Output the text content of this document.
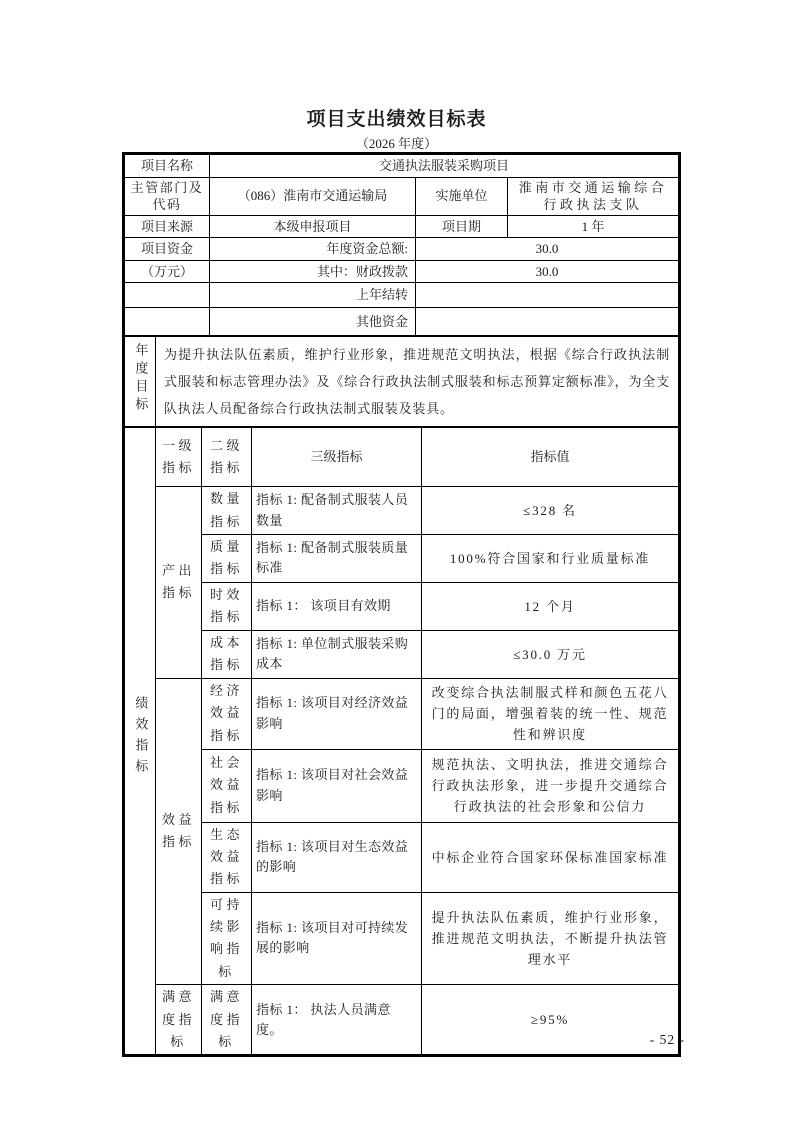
项目支出绩效目标表
（2026 年度）
项目名称	交通执法服装采购项目		
主管部门及代码	（086）淮南市交通运输局	实施单位	淮南市交通运输综合行政执法支队
项目来源	本级申报项目	项目期	1 年
项目资金	年度资金总额:	30.0	
（万元）	其中：财政拨款	30.0	
	上年结转		
	其他资金		
年度目标	为提升执法队伍素质，维护行业形象，推进规范文明执法，根据《综合行政执法制式服装和标志管理办法》及《综合行政执法制式服装和标志预算定额标准》，为全支队执法人员配备综合行政执法制式服装及装具。
绩效指标	一级指标	二级指标	三级指标	指标值
	产出指标	数量指标	指标 1: 配备制式服装人员数量	≤328 名
		质量指标	指标 1: 配备制式服装质量标准	100%符合国家和行业质量标准
		时效指标	指标 1： 该项目有效期	12 个月
		成本指标	指标 1: 单位制式服装采购成本	≤30.0 万元
	效益指标	经济效益指标	指标 1: 该项目对经济效益影响	改变综合执法制服式样和颜色五花八门的局面，增强着装的统一性、规范性和辨识度
		社会效益指标	指标 1: 该项目对社会效益影响	规范执法、文明执法，推进交通综合行政执法形象，进一步提升交通综合行政执法的社会形象和公信力
		生态效益指标	指标 1: 该项目对生态效益的影响	中标企业符合国家环保标准国家标准
		可持续影响指标	指标 1: 该项目对可持续发展的影响	提升执法队伍素质，维护行业形象，推进规范文明执法，不断提升执法管理水平
	满意度指标	满意度指标	指标 1： 执法人员满意度。	≥95%
- 52 -
